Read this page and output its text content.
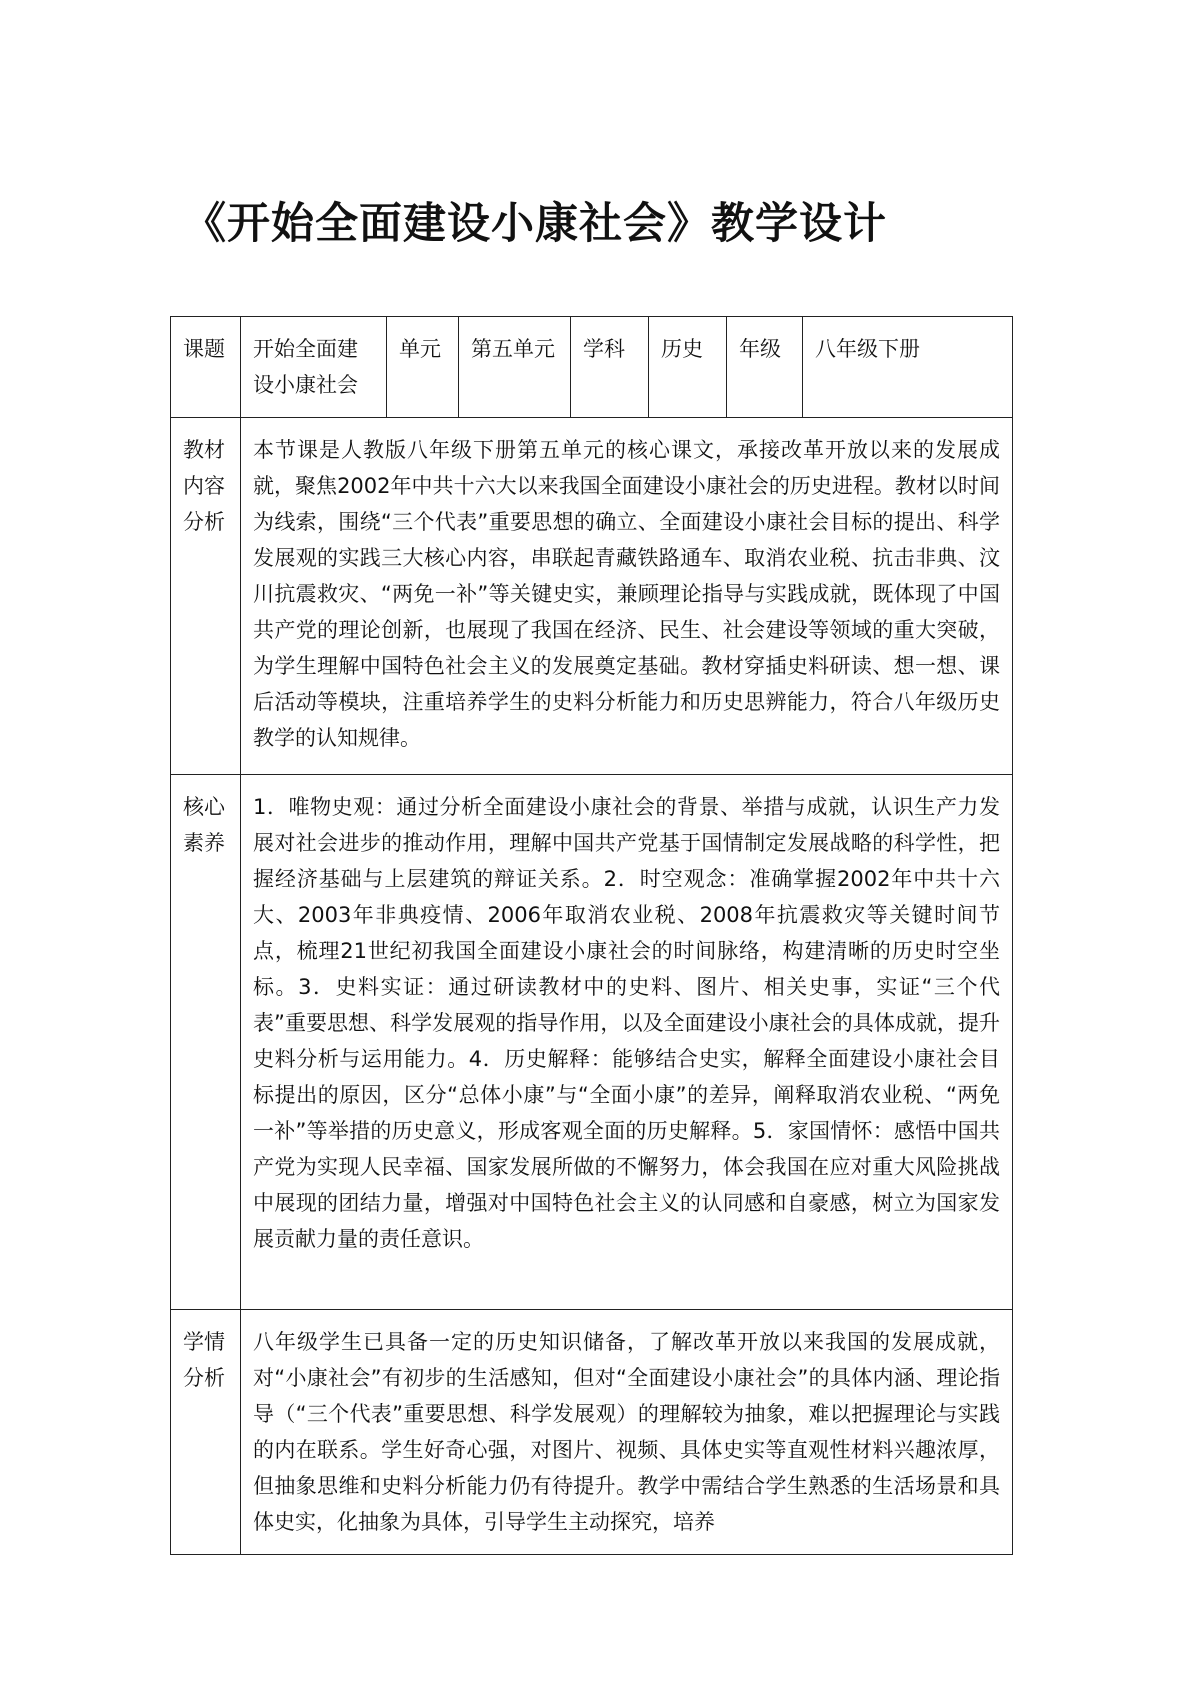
《开始全面建设小康社会》教学设计
课题	开始全面建设小康社会	单元	第五单元	学科	历史	年级	八年级下册
教材内容分析	本节课是人教版八年级下册第五单元的核心课文，承接改革开放以来的发展成就，聚焦2002年中共十六大以来我国全面建设小康社会的历史进程。教材以时间为线索，围绕“三个代表”重要思想的确立、全面建设小康社会目标的提出、科学发展观的实践三大核心内容，串联起青藏铁路通车、取消农业税、抗击非典、汶川抗震救灾、“两免一补”等关键史实，兼顾理论指导与实践成就，既体现了中国共产党的理论创新，也展现了我国在经济、民生、社会建设等领域的重大突破，为学生理解中国特色社会主义的发展奠定基础。教材穿插史料研读、想一想、课后活动等模块，注重培养学生的史料分析能力和历史思辨能力，符合八年级历史教学的认知规律。						
核心素养	1．唯物史观：通过分析全面建设小康社会的背景、举措与成就，认识生产力发展对社会进步的推动作用，理解中国共产党基于国情制定发展战略的科学性，把握经济基础与上层建筑的辩证关系。2．时空观念：准确掌握2002年中共十六大、2003年非典疫情、2006年取消农业税、2008年抗震救灾等关键时间节点，梳理21世纪初我国全面建设小康社会的时间脉络，构建清晰的历史时空坐标。3．史料实证：通过研读教材中的史料、图片、相关史事，实证“三个代表”重要思想、科学发展观的指导作用，以及全面建设小康社会的具体成就，提升史料分析与运用能力。4．历史解释：能够结合史实，解释全面建设小康社会目标提出的原因，区分“总体小康”与“全面小康”的差异，阐释取消农业税、“两免一补”等举措的历史意义，形成客观全面的历史解释。5．家国情怀：感悟中国共产党为实现人民幸福、国家发展所做的不懈努力，体会我国在应对重大风险挑战中展现的团结力量，增强对中国特色社会主义的认同感和自豪感，树立为国家发展贡献力量的责任意识。						
学情分析	八年级学生已具备一定的历史知识储备，了解改革开放以来我国的发展成就，对“小康社会”有初步的生活感知，但对“全面建设小康社会”的具体内涵、理论指导（“三个代表”重要思想、科学发展观）的理解较为抽象，难以把握理论与实践的内在联系。学生好奇心强，对图片、视频、具体史实等直观性材料兴趣浓厚，但抽象思维和史料分析能力仍有待提升。教学中需结合学生熟悉的生活场景和具体史实，化抽象为具体，引导学生主动探究，培养						
